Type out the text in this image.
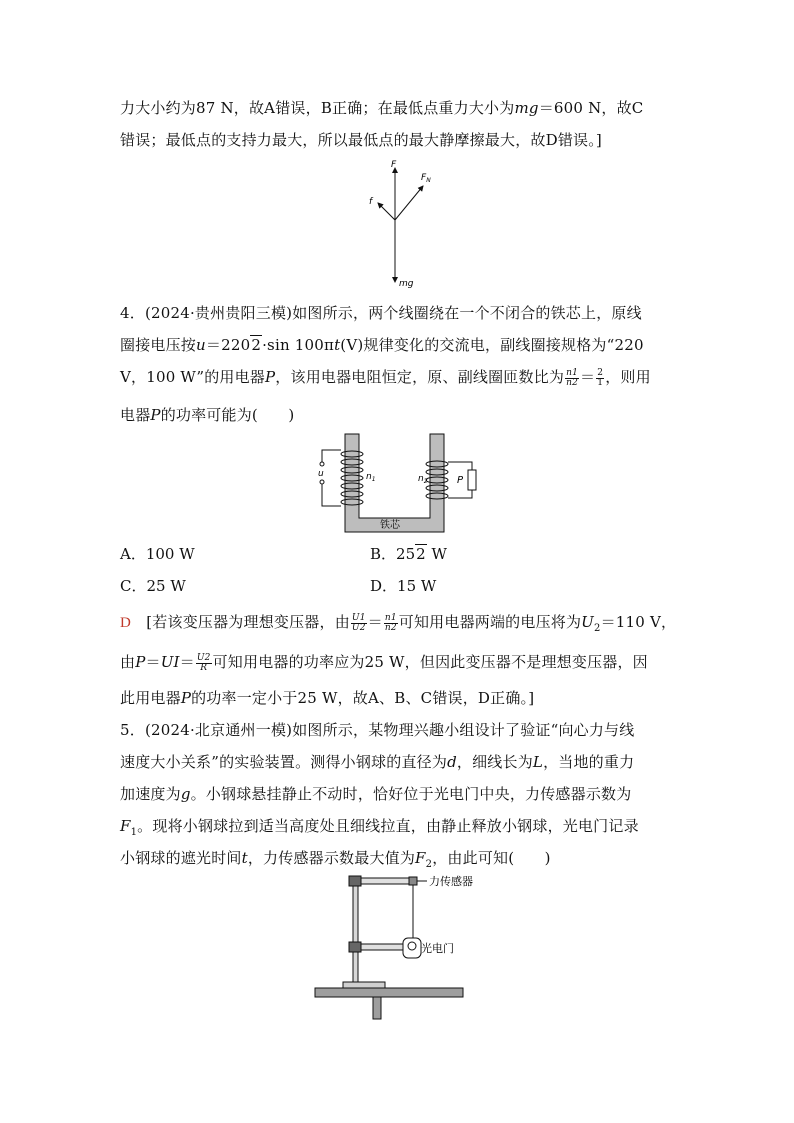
力大小约为87 N，故A错误，B正确；在最低点重力大小为mg＝600 N，故C
错误；最低点的支持力最大，所以最低点的最大静摩擦最大，故D错误。]
F
$F_N$
f
mg
4．(2024·贵州贵阳三模)如图所示，两个线圈绕在一个不闭合的铁芯上，原线
圈接电压按u＝2202·sin 100πt(V)规律变化的交流电，副线圈接规格为“220
V，100 W”的用电器P，该用电器电阻恒定，原、副线圈匝数比为 $\frac{n1}{n2} = \frac{2}{1}$ ，则用
电器P的功率可能为(　　)
铁芯
u	$n_1$	$n_2$	P
A．100 W	B．252 W
C．25 W	D．15 W
D　 [若该变压器为理想变压器，由 $\frac{U1}{U2} = \frac{n1}{n2}$ 可知用电器两端的电压将为$U_2=110$ V，
由$P=UI= \frac{U2}{R}$ 可知用电器的功率应为25 W，但因此变压器不是理想变压器，因
此用电器P的功率一定小于25 W，故A、B、C错误，D正确。]
5．(2024·北京通州一模)如图所示，某物理兴趣小组设计了验证“向心力与线
速度大小关系”的实验装置。测得小钢球的直径为d，细线长为L，当地的重力
加速度为g。小钢球悬挂静止不动时，恰好位于光电门中央，力传感器示数为
$F_1$。现将小钢球拉到适当高度处且细线拉直，由静止释放小钢球，光电门记录
小钢球的遮光时间t，力传感器示数最大值为$F_2$，由此可知(　　)
力传感器
光电门
